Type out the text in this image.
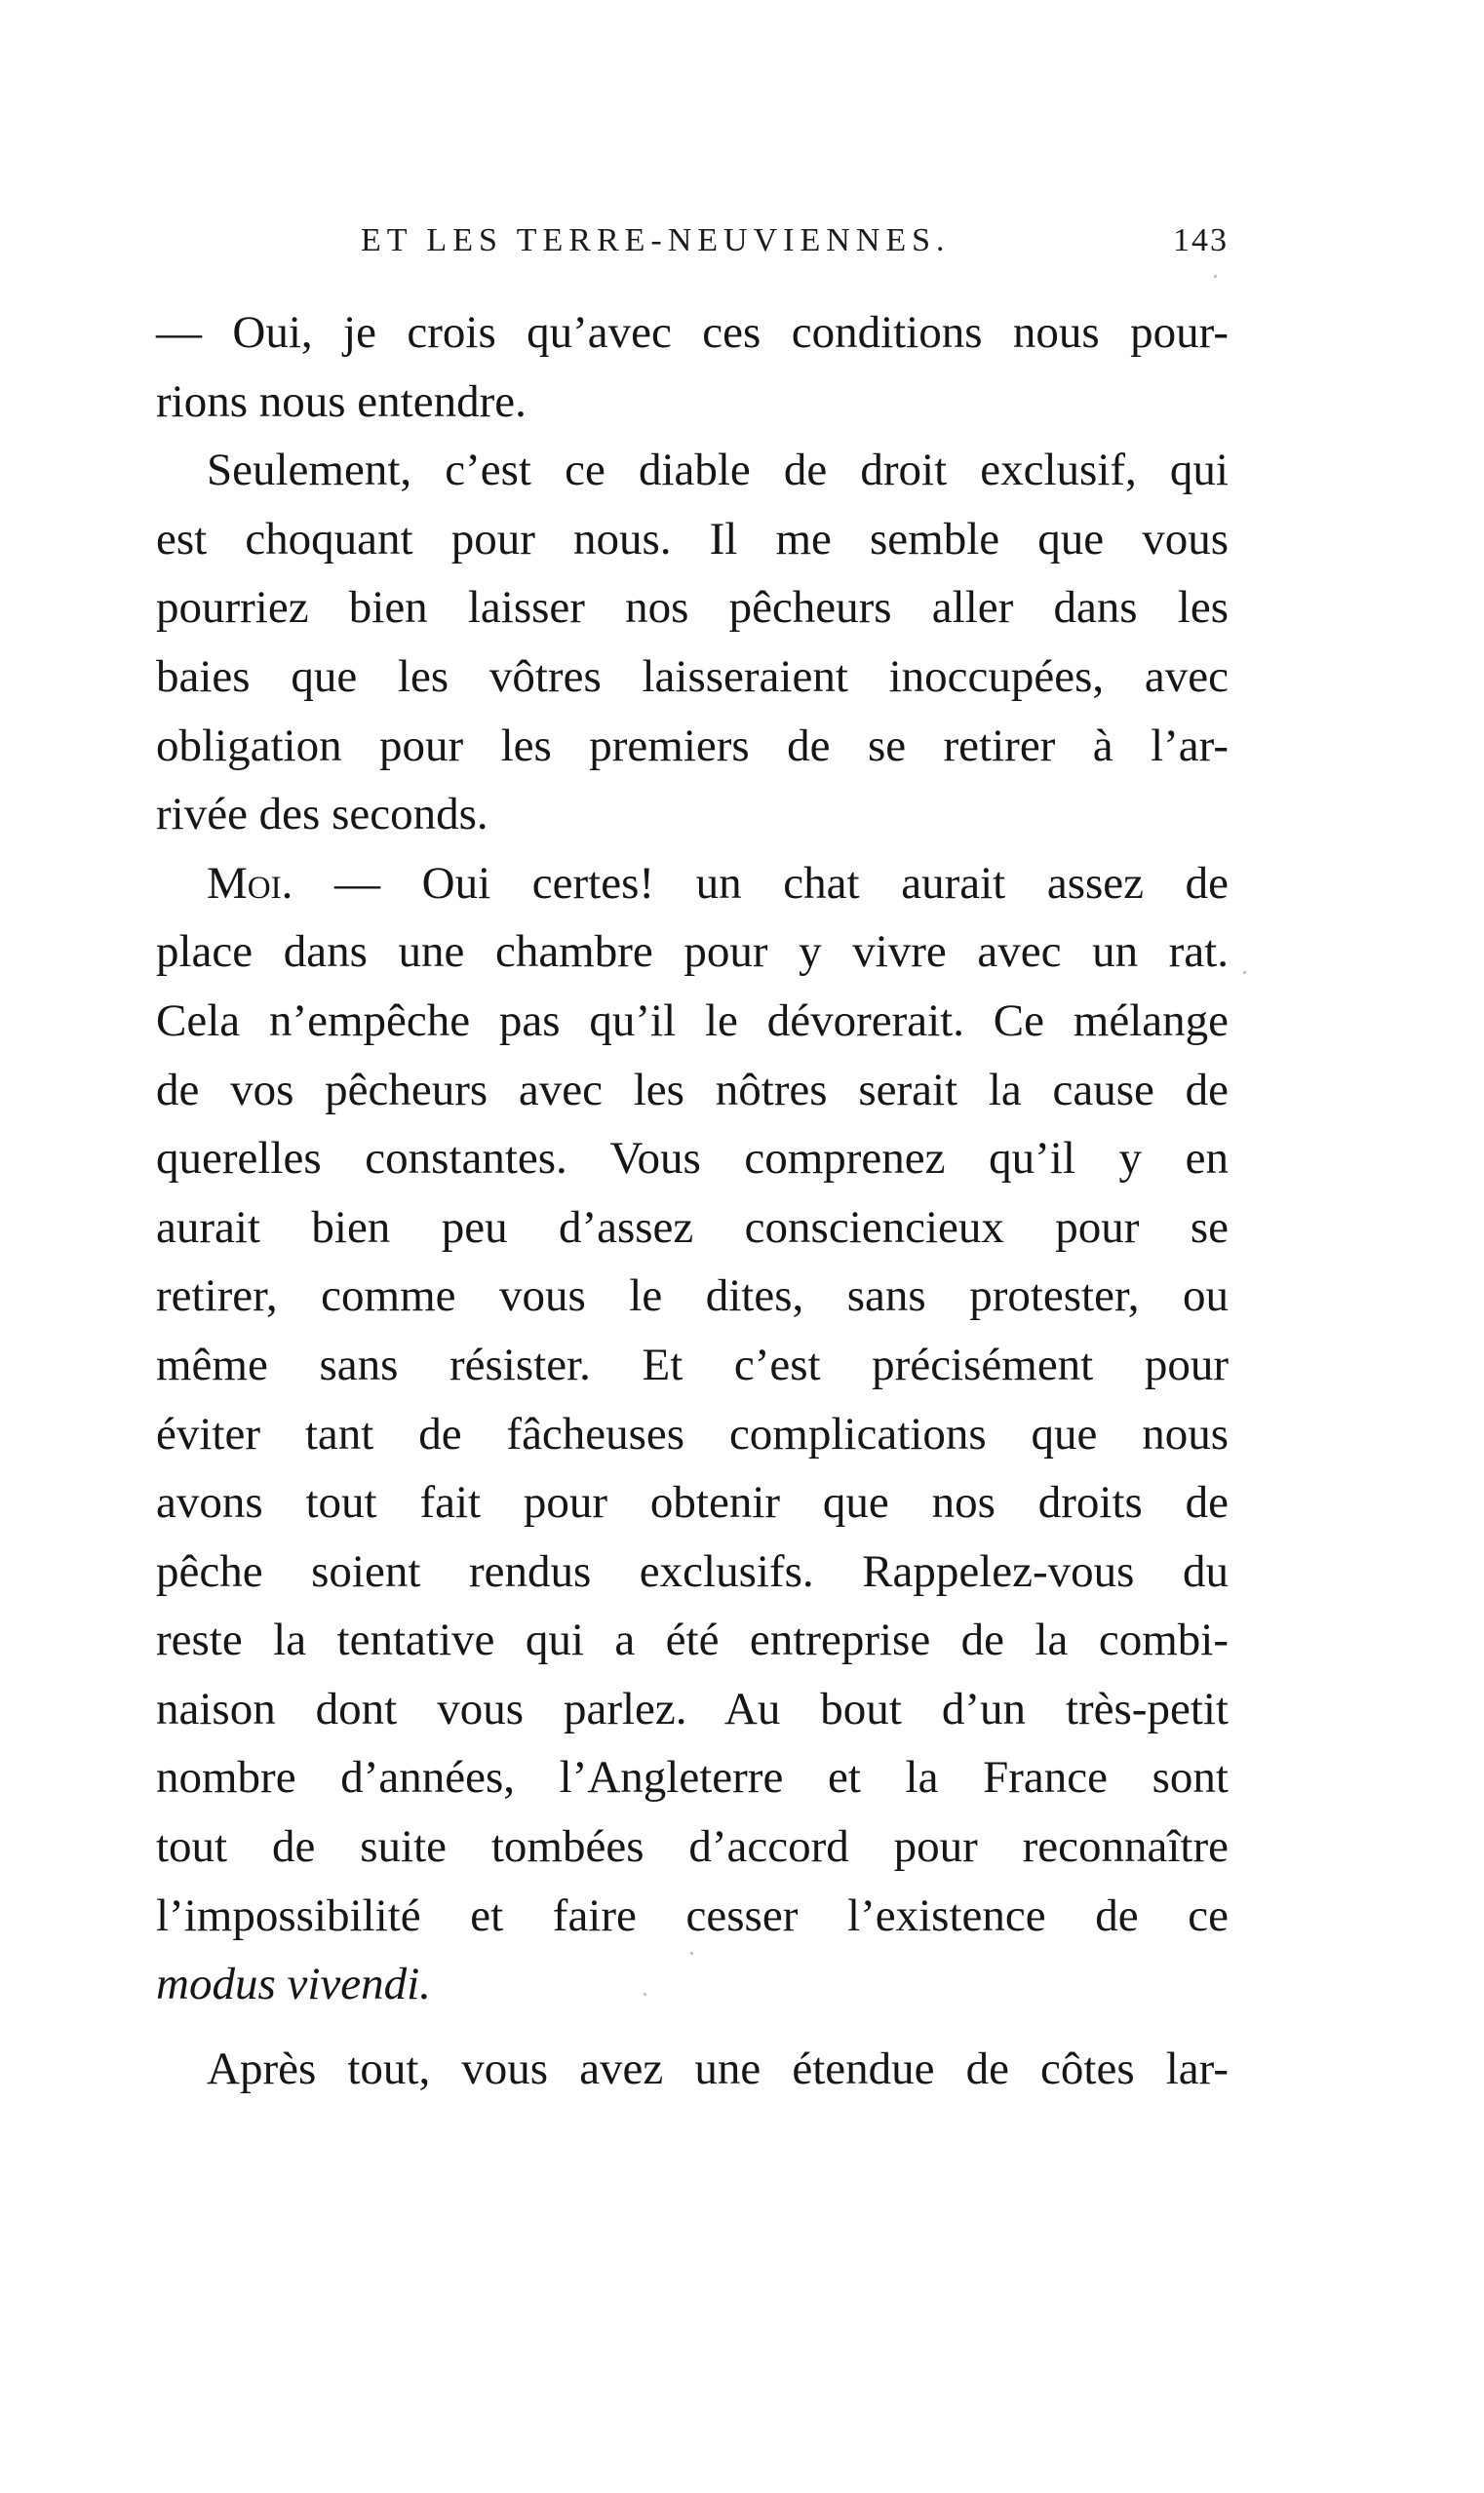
ET LES TERRE-NEUVIENNES.	143
— Oui, je crois qu’avec ces conditions nous pour-
rions nous entendre.
Seulement, c’est ce diable de droit exclusif, qui
est choquant pour nous. Il me semble que vous
pourriez bien laisser nos pêcheurs aller dans les
baies que les vôtres laisseraient inoccupées, avec
obligation pour les premiers de se retirer à l’ar-
rivée des seconds.
Moi. — Oui certes! un chat aurait assez de
place dans une chambre pour y vivre avec un rat.
Cela n’empêche pas qu’il le dévorerait. Ce mélange
de vos pêcheurs avec les nôtres serait la cause de
querelles constantes. Vous comprenez qu’il y en
aurait bien peu d’assez consciencieux pour se
retirer, comme vous le dites, sans protester, ou
même sans résister. Et c’est précisément pour
éviter tant de fâcheuses complications que nous
avons tout fait pour obtenir que nos droits de
pêche soient rendus exclusifs. Rappelez-vous du
reste la tentative qui a été entreprise de la combi-
naison dont vous parlez. Au bout d’un très-petit
nombre d’années, l’Angleterre et la France sont
tout de suite tombées d’accord pour reconnaître
l’impossibilité et faire cesser l’existence de ce
modus vivendi.
Après tout, vous avez une étendue de côtes lar-
